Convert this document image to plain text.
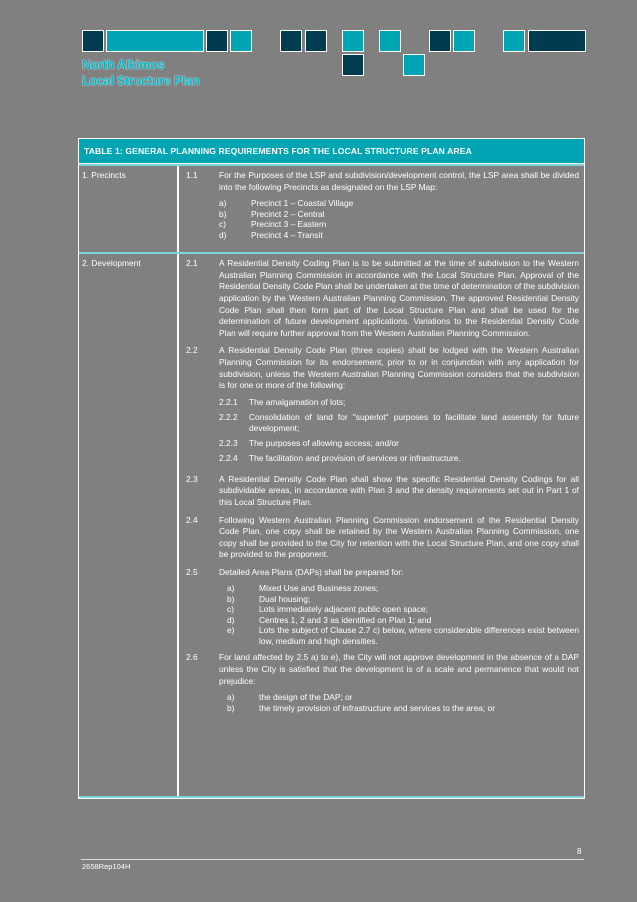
North Alkimos
Local Structure Plan
TABLE 1: GENERAL PLANNING REQUIREMENTS FOR THE LOCAL STRUCTURE PLAN AREA
1. Precincts	1.1	For the Purposes of the LSP and subdivision/development control, the LSP area shall be divided into the following Precincts as designated on the LSP Map:
a)	Precinct 1 – Coastal Village
b)	Precinct 2 – Central
c)	Precinct 3 – Eastern
d)	Precinct 4 – Transit
2. Development	2.1	A Residential Density Coding Plan is to be submitted at the time of subdivision to the Western Australian Planning Commission in accordance with the Local Structure Plan. Approval of the Residential Density Code Plan shall be undertaken at the time of determination of the subdivision application by the Western Australian Planning Commission. The approved Residential Density Code Plan shall then form part of the Local Structure Plan and shall be used for the determination of future development applications. Variations to the Residential Density Code Plan will require further approval from the Western Australian Planning Commission.
2.2	A Residential Density Code Plan (three copies) shall be lodged with the Western Australian Planning Commission for its endorsement, prior to or in conjunction with any application for subdivision, unless the Western Australian Planning Commission considers that the subdivision is for one or more of the following:
2.2.1	The amalgamation of lots;
2.2.2	Consolidation of land for "superlot" purposes to facilitate land assembly for future development;
2.2.3	The purposes of allowing access; and/or
2.2.4	The facilitation and provision of services or infrastructure.
2.3	A Residential Density Code Plan shall show the specific Residential Density Codings for all subdividable areas, in accordance with Plan 3 and the density requirements set out in Part 1 of this Local Structure Plan.
2.4	Following Western Australian Planning Commission endorsement of the Residential Density Code Plan, one copy shall be retained by the Western Australian Planning Commission, one copy shall be provided to the City for retention with the Local Structure Plan, and one copy shall be provided to the proponent.
2.5	Detailed Area Plans (DAPs) shall be prepared for:
a)	Mixed Use and Business zones;
b)	Dual housing;
c)	Lots immediately adjacent public open space;
d)	Centres 1, 2 and 3 as identified on Plan 1; and
e)	Lots the subject of Clause 2.7 c) below, where considerable differences exist between low, medium and high densities.
2.6	For land affected by 2.5 a) to e), the City will not approve development in the absence of a DAP unless the City is satisfied that the development is of a scale and permanence that would not prejudice:
a)	the design of the DAP; or
b)	the timely provision of infrastructure and services to the area; or
8
2658Rep104H
